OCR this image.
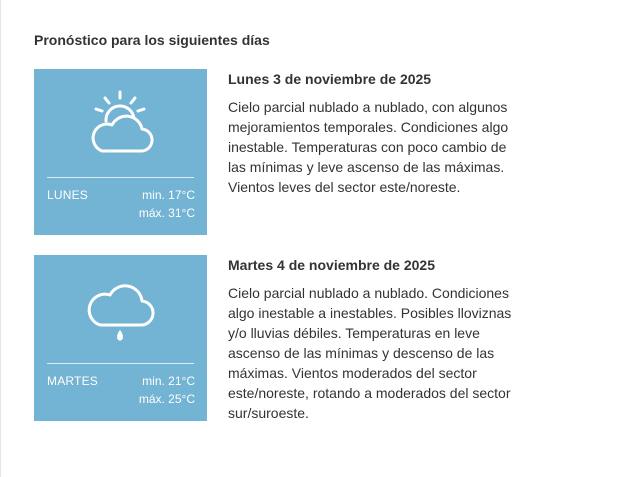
Pronóstico para los siguientes días
LUNES	min. 17°C
máx. 31°C

Lunes 3 de noviembre de 2025

Cielo parcial nublado a nublado, con algunos mejoramientos temporales. Condiciones algo inestable. Temperaturas con poco cambio de las mínimas y leve ascenso de las máximas. Vientos leves del sector este/noreste.

MARTES	min. 21°C
máx. 25°C

Martes 4 de noviembre de 2025

Cielo parcial nublado a nublado. Condiciones algo inestable a inestables. Posibles lloviznas y/o lluvias débiles. Temperaturas en leve ascenso de las mínimas y descenso de las máximas. Vientos moderados del sector este/noreste, rotando a moderados del sector sur/suroeste.
